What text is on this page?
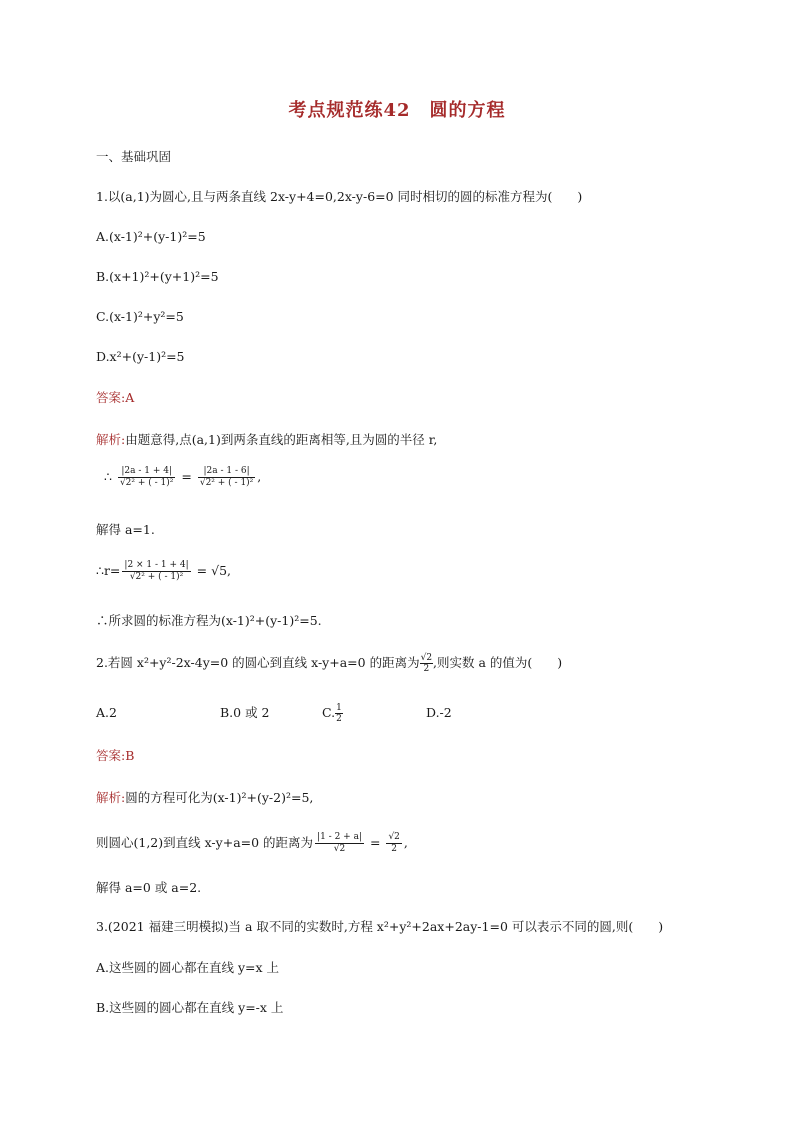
考点规范练42　圆的方程
一、基础巩固
1.以(a,1)为圆心,且与两条直线 2x-y+4=0,2x-y-6=0 同时相切的圆的标准方程为(　　)
A.(x-1)²+(y-1)²=5
B.(x+1)²+(y+1)²=5
C.(x-1)²+y²=5
D.x²+(y-1)²=5
答案:A
解析:由题意得,点(a,1)到两条直线的距离相等,且为圆的半径 r,
∴ $\frac{|2a - 1 + 4|}{\text{√2² + ( - 1)²}} = \frac{|2a - 1 - 6|}{\text{√2² + ( - 1)²}}$ ,
解得 a=1.
∴r= $\frac{|2 \times 1 - 1 + 4|}{\text{√2² + ( - 1)²}} = √5$,
∴所求圆的标准方程为(x-1)²+(y-1)²=5.
2.若圆 x²+y²-2x-4y=0 的圆心到直线 x-y+a=0 的距离为 $\frac{√2}{2}$ ,则实数 a 的值为(　　)
A.2	B.0 或 2	C. $\frac{1}{2}$	D.-2
答案:B
解析:圆的方程可化为(x-1)²+(y-2)²=5,
则圆心(1,2)到直线 x-y+a=0 的距离为 $\frac{|1 - 2 + a|}{√2} = \frac{√2}{2}$ ,
解得 a=0 或 a=2.
3.(2021 福建三明模拟)当 a 取不同的实数时,方程 x²+y²+2ax+2ay-1=0 可以表示不同的圆,则(　　)
A.这些圆的圆心都在直线 y=x 上
B.这些圆的圆心都在直线 y=-x 上
